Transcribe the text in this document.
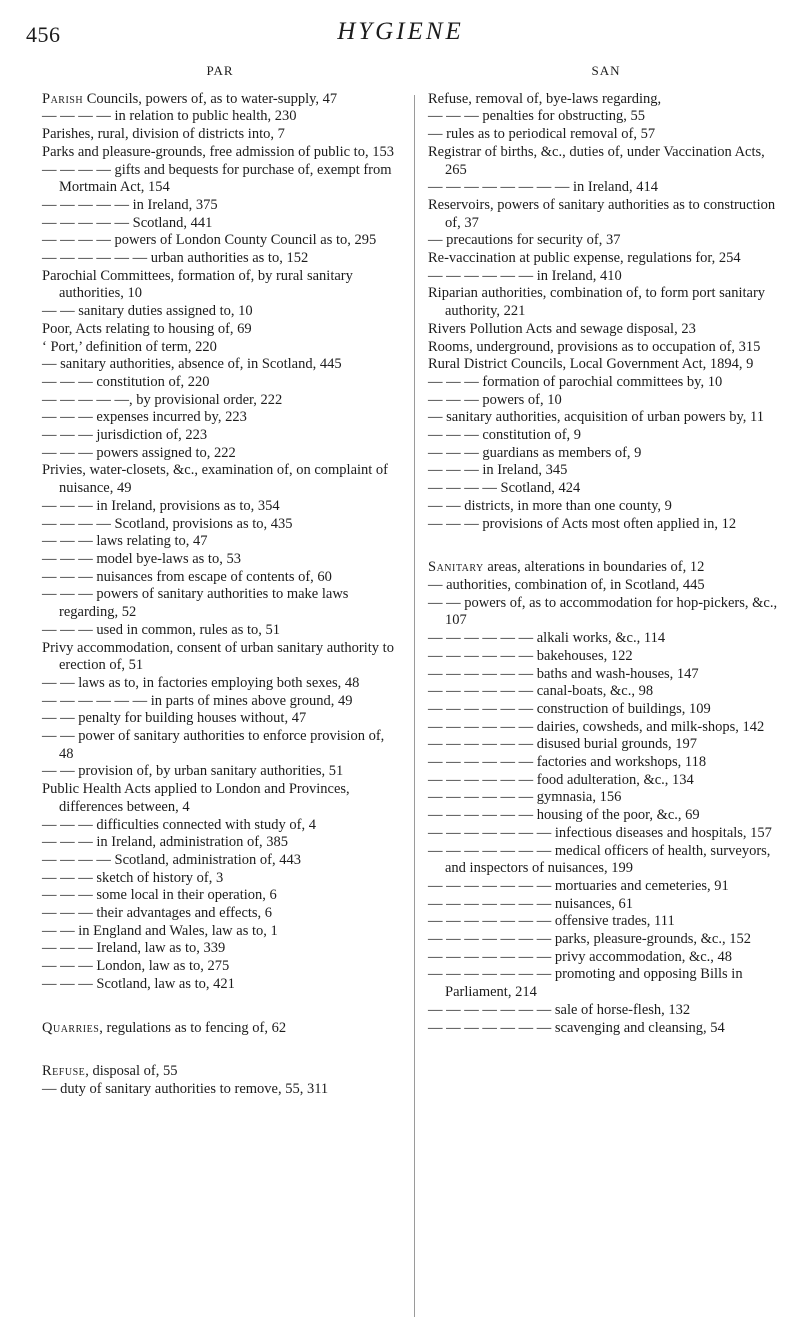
456	HYGIENE
PAR
Parish Councils, powers of, as to water-supply, 47
— — — — in relation to public health, 230
Parishes, rural, division of districts into, 7
Parks and pleasure-grounds, free admission of public to, 153
— — — — gifts and bequests for purchase of, exempt from Mortmain Act, 154
— — — — — in Ireland, 375
— — — — — Scotland, 441
— — — — powers of London County Council as to, 295
— — — — — — urban authorities as to, 152
Parochial Committees, formation of, by rural sanitary authorities, 10
— — sanitary duties assigned to, 10
Poor, Acts relating to housing of, 69
‘ Port,’ definition of term, 220
— sanitary authorities, absence of, in Scotland, 445
— — — constitution of, 220
— — — — —, by provisional order, 222
— — — expenses incurred by, 223
— — — jurisdiction of, 223
— — — powers assigned to, 222
Privies, water-closets, &c., examination of, on complaint of nuisance, 49
— — — in Ireland, provisions as to, 354
— — — — Scotland, provisions as to, 435
— — — laws relating to, 47
— — — model bye-laws as to, 53
— — — nuisances from escape of contents of, 60
— — — powers of sanitary authorities to make laws regarding, 52
— — — used in common, rules as to, 51
Privy accommodation, consent of urban sanitary authority to erection of, 51
— — laws as to, in factories employing both sexes, 48
— — — — — — in parts of mines above ground, 49
— — penalty for building houses without, 47
— — power of sanitary authorities to enforce provision of, 48
— — provision of, by urban sanitary authorities, 51
Public Health Acts applied to London and Provinces, differences between, 4
— — — difficulties connected with study of, 4
— — — in Ireland, administration of, 385
— — — — Scotland, administration of, 443
— — — sketch of history of, 3
— — — some local in their operation, 6
— — — their advantages and effects, 6
— — in England and Wales, law as to, 1
— — — Ireland, law as to, 339
— — — London, law as to, 275
— — — Scotland, law as to, 421
Quarries, regulations as to fencing of, 62
Refuse, disposal of, 55
— duty of sanitary authorities to remove, 55, 311
SAN
Refuse, removal of, bye-laws regarding,
— — — penalties for obstructing, 55
— rules as to periodical removal of, 57
Registrar of births, &c., duties of, under Vaccination Acts, 265
— — — — — — — — in Ireland, 414
Reservoirs, powers of sanitary authorities as to construction of, 37
— precautions for security of, 37
Re-vaccination at public expense, regulations for, 254
— — — — — — in Ireland, 410
Riparian authorities, combination of, to form port sanitary authority, 221
Rivers Pollution Acts and sewage disposal, 23
Rooms, underground, provisions as to occupation of, 315
Rural District Councils, Local Government Act, 1894, 9
— — — formation of parochial committees by, 10
— — — powers of, 10
— sanitary authorities, acquisition of urban powers by, 11
— — — constitution of, 9
— — — guardians as members of, 9
— — — in Ireland, 345
— — — — Scotland, 424
— — districts, in more than one county, 9
— — — provisions of Acts most often applied in, 12
Sanitary areas, alterations in boundaries of, 12
— authorities, combination of, in Scotland, 445
— — powers of, as to accommodation for hop-pickers, &c., 107
— — — — — — alkali works, &c., 114
— — — — — — bakehouses, 122
— — — — — — baths and wash-houses, 147
— — — — — — canal-boats, &c., 98
— — — — — — construction of buildings, 109
— — — — — — dairies, cowsheds, and milk-shops, 142
— — — — — — disused burial grounds, 197
— — — — — — factories and workshops, 118
— — — — — — food adulteration, &c., 134
— — — — — — gymnasia, 156
— — — — — — housing of the poor, &c., 69
— — — — — — — infectious diseases and hospitals, 157
— — — — — — — medical officers of health, surveyors, and inspectors of nuisances, 199
— — — — — — — mortuaries and cemeteries, 91
— — — — — — — nuisances, 61
— — — — — — — offensive trades, 111
— — — — — — — parks, pleasure-grounds, &c., 152
— — — — — — — privy accommodation, &c., 48
— — — — — — — promoting and opposing Bills in Parliament, 214
— — — — — — — sale of horse-flesh, 132
— — — — — — — scavenging and cleansing, 54
